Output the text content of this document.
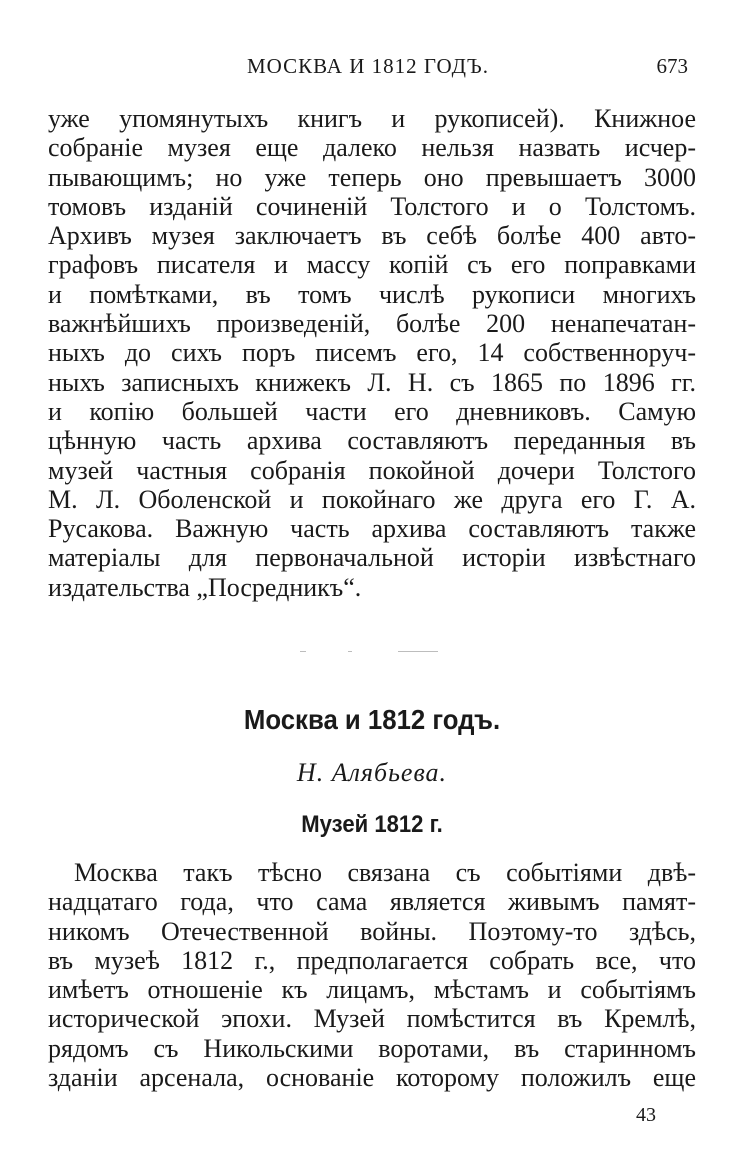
МОСКВА И 1812 ГОДЪ.	673
уже упомянутыхъ книгъ и рукописей). Книжное
собраніе музея еще далеко нельзя назвать исчер-
пывающимъ; но уже теперь оно превышаетъ 3000
томовъ изданій сочиненій Толстого и о Толстомъ.
Архивъ музея заключаетъ въ себѣ болѣе 400 авто-
графовъ писателя и массу копій съ его поправками
и помѣтками, въ томъ числѣ рукописи многихъ
важнѣйшихъ произведеній, болѣе 200 ненапечатан-
ныхъ до сихъ поръ писемъ его, 14 собственноруч-
ныхъ записныхъ книжекъ Л. Н. съ 1865 по 1896 гг.
и копію большей части его дневниковъ. Самую
цѣнную часть архива составляютъ переданныя въ
музей частныя собранія покойной дочери Толстого
М. Л. Оболенской и покойнаго же друга его Г. А.
Русакова. Важную часть архива составляютъ также
матеріалы для первоначальной исторіи извѣстнаго
издательства „Посредникъ“.
Москва и 1812 годъ.
Н. Алябьева.
Музей 1812 г.
Москва такъ тѣсно связана съ событіями двѣ-
надцатаго года, что сама является живымъ памят-
никомъ Отечественной войны. Поэтому-то здѣсь,
въ музеѣ 1812 г., предполагается собрать все, что
имѣетъ отношеніе къ лицамъ, мѣстамъ и событіямъ
исторической эпохи. Музей помѣстится въ Кремлѣ,
рядомъ съ Никольскими воротами, въ старинномъ
зданіи арсенала, основаніе которому положилъ еще
43
